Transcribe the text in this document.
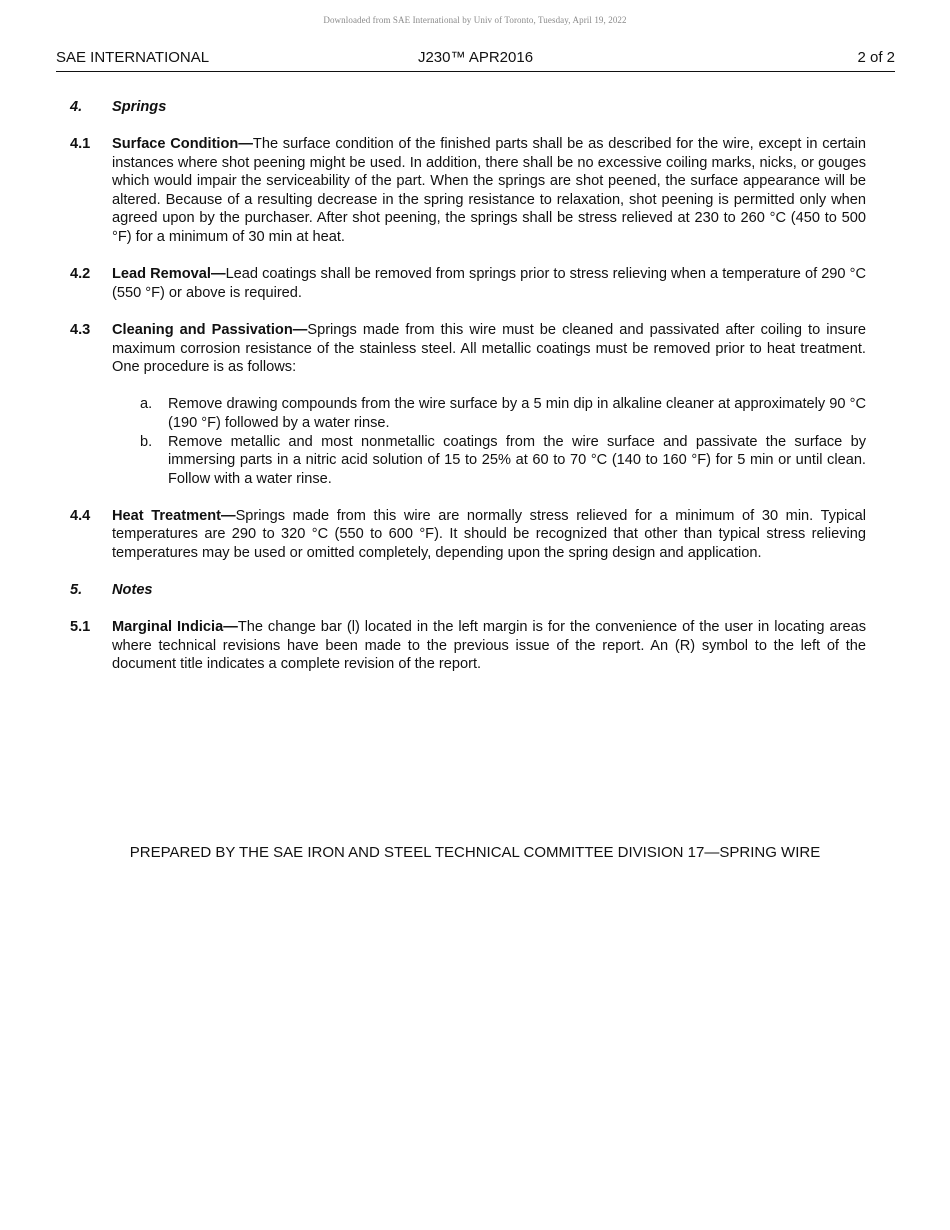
Downloaded from SAE International by Univ of Toronto, Tuesday, April 19, 2022
SAE INTERNATIONAL	J230™ APR2016	2 of 2
4. Springs
4.1 Surface Condition—The surface condition of the finished parts shall be as described for the wire, except in certain instances where shot peening might be used. In addition, there shall be no excessive coiling marks, nicks, or gouges which would impair the serviceability of the part. When the springs are shot peened, the surface appearance will be altered. Because of a resulting decrease in the spring resistance to relaxation, shot peening is permitted only when agreed upon by the purchaser. After shot peening, the springs shall be stress relieved at 230 to 260 °C (450 to 500 °F) for a minimum of 30 min at heat.
4.2 Lead Removal—Lead coatings shall be removed from springs prior to stress relieving when a temperature of 290 °C (550 °F) or above is required.
4.3 Cleaning and Passivation—Springs made from this wire must be cleaned and passivated after coiling to insure maximum corrosion resistance of the stainless steel. All metallic coatings must be removed prior to heat treatment. One procedure is as follows:
a. Remove drawing compounds from the wire surface by a 5 min dip in alkaline cleaner at approximately 90 °C (190 °F) followed by a water rinse.
b. Remove metallic and most nonmetallic coatings from the wire surface and passivate the surface by immersing parts in a nitric acid solution of 15 to 25% at 60 to 70 °C (140 to 160 °F) for 5 min or until clean. Follow with a water rinse.
4.4 Heat Treatment—Springs made from this wire are normally stress relieved for a minimum of 30 min. Typical temperatures are 290 to 320 °C (550 to 600 °F). It should be recognized that other than typical stress relieving temperatures may be used or omitted completely, depending upon the spring design and application.
5. Notes
5.1 Marginal Indicia—The change bar (l) located in the left margin is for the convenience of the user in locating areas where technical revisions have been made to the previous issue of the report. An (R) symbol to the left of the document title indicates a complete revision of the report.
PREPARED BY THE SAE IRON AND STEEL TECHNICAL COMMITTEE DIVISION 17—SPRING WIRE
